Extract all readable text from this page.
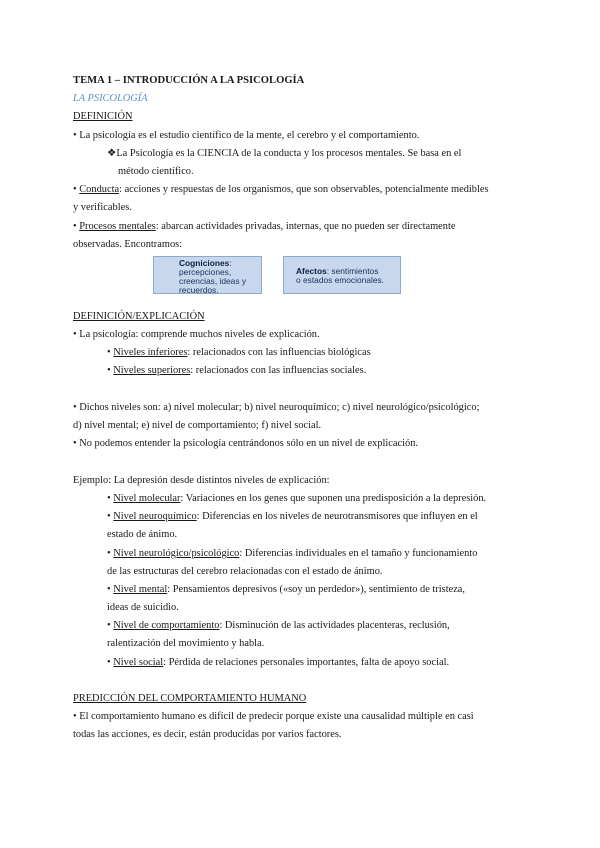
TEMA 1 – INTRODUCCIÓN A LA PSICOLOGÍA
LA PSICOLOGÍA
DEFINICIÓN
• La psicología es el estudio científico de la mente, el cerebro y el comportamiento.
❖La Psicología es la CIENCIA de la conducta y los procesos mentales. Se basa en el
método científico.
• Conducta: acciones y respuestas de los organismos, que son observables, potencialmente medibles
y verificables.
• Procesos mentales: abarcan actividades privadas, internas, que no pueden ser directamente
observadas. Encontramos:
Cogniciones:
percepciones,
creencias, ideas y
recuerdos.
Afectos: sentimientos
o estados emocionales.
DEFINICIÓN/EXPLICACIÓN
• La psicología: comprende muchos niveles de explicación.
• Niveles inferiores: relacionados con las influencias biológicas
• Niveles superiores: relacionados con las influencias sociales.
• Dichos niveles son: a) nivel molecular; b) nivel neuroquímico; c) nivel neurológico/psicológico;
d) nivel mental; e) nivel de comportamiento; f) nivel social.
• No podemos entender la psicología centrándonos sólo en un nivel de explicación.
Ejemplo: La depresión desde distintos niveles de explicación:
• Nivel molecular: Variaciones en los genes que suponen una predisposición a la depresión.
• Nivel neuroquímico: Diferencias en los niveles de neurotransmisores que influyen en el
estado de ánimo.
• Nivel neurológico/psicológico: Diferencias individuales en el tamaño y funcionamiento
de las estructuras del cerebro relacionadas con el estado de ánimo.
• Nivel mental: Pensamientos depresivos («soy un perdedor»), sentimiento de tristeza,
ideas de suicidio.
• Nivel de comportamiento: Disminución de las actividades placenteras, reclusión,
ralentización del movimiento y habla.
• Nivel social: Pérdida de relaciones personales importantes, falta de apoyo social.
PREDICCIÓN DEL COMPORTAMIENTO HUMANO
• El comportamiento humano es difícil de predecir porque existe una causalidad múltiple en casi
todas las acciones, es decir, están producidas por varios factores.
